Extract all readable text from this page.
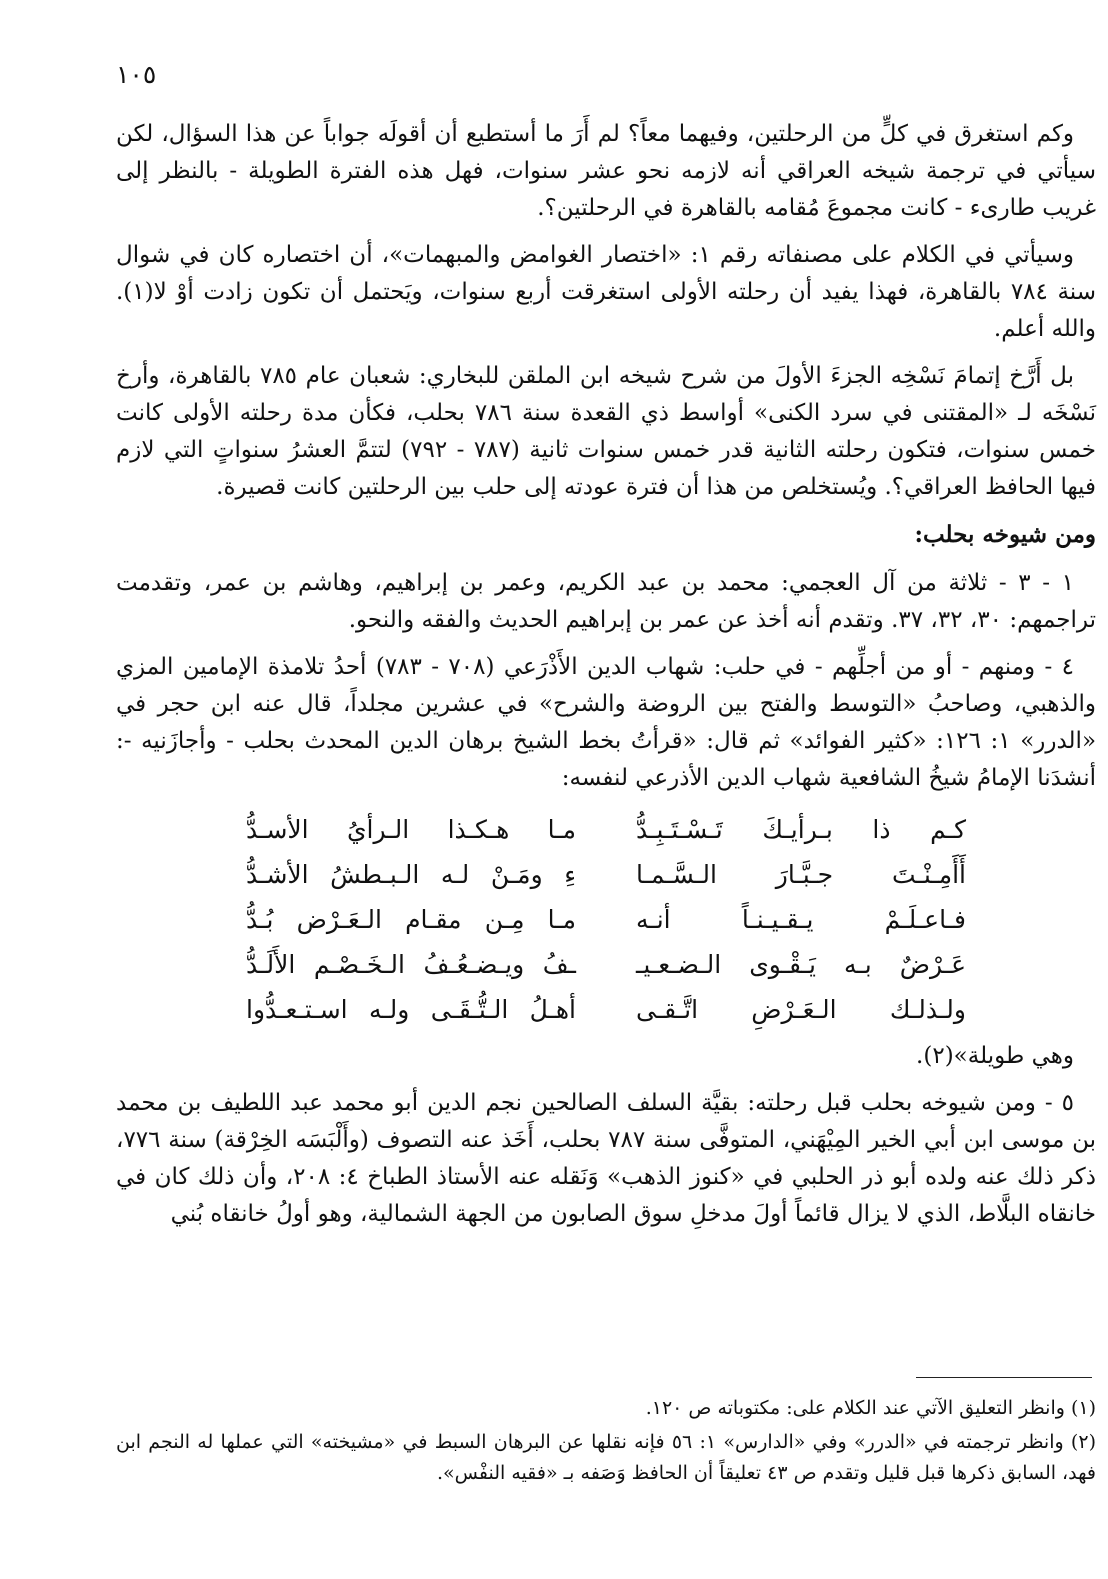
١٠٥

وكم استغرق في كلٍّ من الرحلتين، وفيهما معاً؟ لم أَرَ ما أستطيع أن أقولَه جواباً عن هذا السؤال، لكن سيأتي في ترجمة شيخه العراقي أنه لازمه نحو عشر سنوات، فهل هذه الفترة الطويلة - بالنظر إلى غريب طارىء - كانت مجموعَ مُقامه بالقاهرة في الرحلتين؟.

وسيأتي في الكلام على مصنفاته رقم ١: «اختصار الغوامض والمبهمات»، أن اختصاره كان في شوال سنة ٧٨٤ بالقاهرة، فهذا يفيد أن رحلته الأولى استغرقت أربع سنوات، ويَحتمل أن تكون زادت أوْ لا(١). والله أعلم.

بل أَرَّخ إتمامَ نَسْخِه الجزءَ الأولَ من شرح شيخه ابن الملقن للبخاري: شعبان عام ٧٨٥ بالقاهرة، وأرخ نَسْخَه لـ «المقتنى في سرد الكنى» أواسط ذي القعدة سنة ٧٨٦ بحلب، فكأن مدة رحلته الأولى كانت خمس سنوات، فتكون رحلته الثانية قدر خمس سنوات ثانية (٧٨٧ - ٧٩٢) لتتمَّ العشرُ سنواتٍ التي لازم فيها الحافظ العراقي؟. ويُستخلص من هذا أن فترة عودته إلى حلب بين الرحلتين كانت قصيرة.

ومن شيوخه بحلب:

١ - ٣ - ثلاثة من آل العجمي: محمد بن عبد الكريم، وعمر بن إبراهيم، وهاشم بن عمر، وتقدمت تراجمهم: ٣٠، ٣٢، ٣٧. وتقدم أنه أخذ عن عمر بن إبراهيم الحديث والفقه والنحو.

٤ - ومنهم - أو من أجلِّهم - في حلب: شهاب الدين الأَذْرَعي (٧٠٨ - ٧٨٣) أحدُ تلامذة الإمامين المزي والذهبي، وصاحبُ «التوسط والفتح بين الروضة والشرح» في عشرين مجلداً، قال عنه ابن حجر في «الدرر» ١: ١٢٦: «كثير الفوائد» ثم قال: «قرأتُ بخط الشيخ برهان الدين المحدث بحلب - وأجازَنيه -: أنشدَنا الإمامُ شيخُ الشافعية شهاب الدين الأذرعي لنفسه:

كـم ذا بـرأيـكَ تَـسْـتَـبِـدُّ
مـا هـكـذا الـرأيُ الأسـدُّ
أَأَمِـنْـتَ جـبَّـارَ الـسَّـمـا
ءِ ومَـنْ لـه الـبـطشُ الأشـدُّ
فـاعـلَـمْ يـقـيـنـاً أنـه
مـا مِـن مقـام الـعَـرْض بُـدُّ
عَـرْضٌ بـه يَـقْـوى الـضـعـيـ
ـفُ ويـضـعُـفُ الـخَـصْـم الأَلَـدُّ
ولـذلـك الـعَـرْضِ اتَّـقـى
أهـلُ الـتُّـقَـى ولـه اسـتـعـدُّوا

وهي طويلة»(٢).

٥ - ومن شيوخه بحلب قبل رحلته: بقيَّة السلف الصالحين نجم الدين أبو محمد عبد اللطيف بن محمد بن موسى ابن أبي الخير المِيْهَني، المتوفَّى سنة ٧٨٧ بحلب، أَخَذ عنه التصوف (وأَلْبَسَه الخِرْقة) سنة ٧٧٦، ذكر ذلك عنه ولده أبو ذر الحلبي في «كنوز الذهب» وَنَقله عنه الأستاذ الطباخ ٤: ٢٠٨، وأن ذلك كان في خانقاه البلَّاط، الذي لا يزال قائماً أولَ مدخلِ سوق الصابون من الجهة الشمالية، وهو أولُ خانقاه بُني

(١) وانظر التعليق الآتي عند الكلام على: مكتوباته ص ١٢٠.

(٢) وانظر ترجمته في «الدرر» وفي «الدارس» ١: ٥٦ فإنه نقلها عن البرهان السبط في «مشيخته» التي عملها له النجم ابن فهد، السابق ذكرها قبل قليل وتقدم ص ٤٣ تعليقاً أن الحافظ وَصَفه بـ «فقيه النفْس».
